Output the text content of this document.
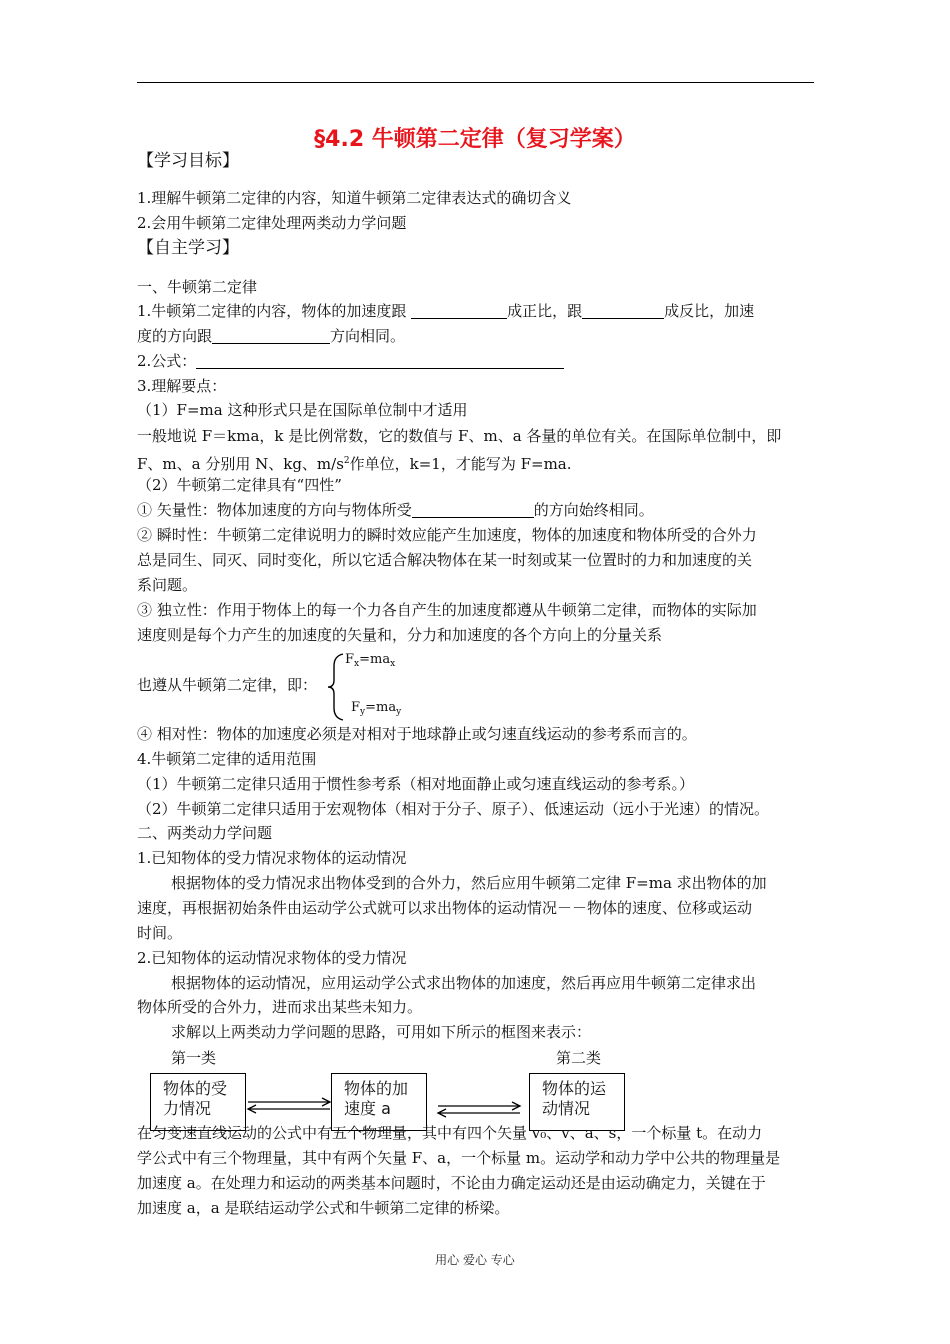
§4.2 牛顿第二定律（复习学案）
【学习目标】
1.理解牛顿第二定律的内容，知道牛顿第二定律表达式的确切含义
2.会用牛顿第二定律处理两类动力学问题
【自主学习】
一、牛顿第二定律
1.牛顿第二定律的内容，物体的加速度跟	成正比，跟	成反比，加速
度的方向跟	方向相同。
2.公式：
3.理解要点：
（1）F=ma 这种形式只是在国际单位制中才适用
一般地说 F＝kma，k 是比例常数，它的数值与 F、m、a 各量的单位有关。在国际单位制中，即
F、m、a 分别用 N、kg、$m/s^2$作单位，k=1，才能写为 F=ma.
（2）牛顿第二定律具有“四性”
① 矢量性：物体加速度的方向与物体所受	的方向始终相同。
② 瞬时性：牛顿第二定律说明力的瞬时效应能产生加速度，物体的加速度和物体所受的合外力
总是同生、同灭、同时变化，所以它适合解决物体在某一时刻或某一位置时的力和加速度的关
系问题。
③ 独立性：作用于物体上的每一个力各自产生的加速度都遵从牛顿第二定律，而物体的实际加
速度则是每个力产生的加速度的矢量和，分力和加速度的各个方向上的分量关系
也遵从牛顿第二定律，即：
$F_x=ma_x$
$F_y=ma_y$
④ 相对性：物体的加速度必须是对相对于地球静止或匀速直线运动的参考系而言的。
4.牛顿第二定律的适用范围
（1）牛顿第二定律只适用于惯性参考系（相对地面静止或匀速直线运动的参考系。）
（2）牛顿第二定律只适用于宏观物体（相对于分子、原子）、低速运动（远小于光速）的情况。
二、两类动力学问题
1.已知物体的受力情况求物体的运动情况
根据物体的受力情况求出物体受到的合外力，然后应用牛顿第二定律 F=ma 求出物体的加
速度，再根据初始条件由运动学公式就可以求出物体的运动情况－－物体的速度、位移或运动
时间。
2.已知物体的运动情况求物体的受力情况
根据物体的运动情况，应用运动学公式求出物体的加速度，然后再应用牛顿第二定律求出
物体所受的合外力，进而求出某些未知力。
求解以上两类动力学问题的思路，可用如下所示的框图来表示：
第一类	第二类
物体的受
力情况
物体的加
速度 a
物体的运
动情况
在匀变速直线运动的公式中有五个物理量，其中有四个矢量 v₀、v、a、s，一个标量 t。在动力
学公式中有三个物理量，其中有两个矢量 F、a，一个标量 m。运动学和动力学中公共的物理量是
加速度 a。在处理力和运动的两类基本问题时，不论由力确定运动还是由运动确定力，关键在于
加速度 a，a 是联结运动学公式和牛顿第二定律的桥梁。
用心 爱心 专心
